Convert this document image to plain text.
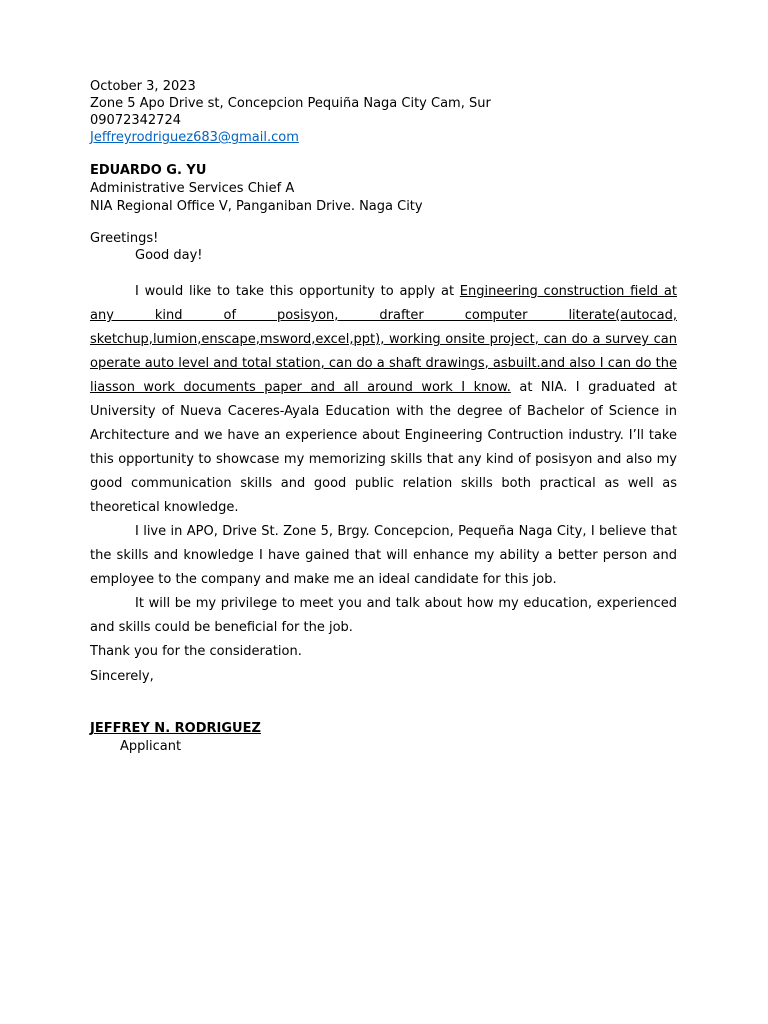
October 3, 2023
Zone 5 Apo Drive st, Concepcion Pequiña Naga City Cam, Sur
09072342724
Jeffreyrodriguez683@gmail.com
EDUARDO G. YU
Administrative Services Chief A
NIA Regional Office V, Panganiban Drive. Naga City
Greetings!
Good day!

I would like to take this opportunity to apply at Engineering construction field at any kind of posisyon, drafter computer literate(autocad, sketchup,lumion,enscape,msword,excel,ppt), working onsite project, can do a survey can operate auto level and total station, can do a shaft drawings, asbuilt.and also I can do the liasson work documents paper and all around work I know. at NIA. I graduated at University of Nueva Caceres-Ayala Education with the degree of Bachelor of Science in Architecture and we have an experience about Engineering Contruction industry. I’ll take this opportunity to showcase my memorizing skills that any kind of posisyon and also my good communication skills and good public relation skills both practical as well as theoretical knowledge.

I live in APO, Drive St. Zone 5, Brgy. Concepcion, Pequeña Naga City, I believe that the skills and knowledge I have gained that will enhance my ability a better person and employee to the company and make me an ideal candidate for this job.

It will be my privilege to meet you and talk about how my education, experienced and skills could be beneficial for the job.

Thank you for the consideration.

Sincerely,

JEFFREY N. RODRIGUEZ
Applicant
